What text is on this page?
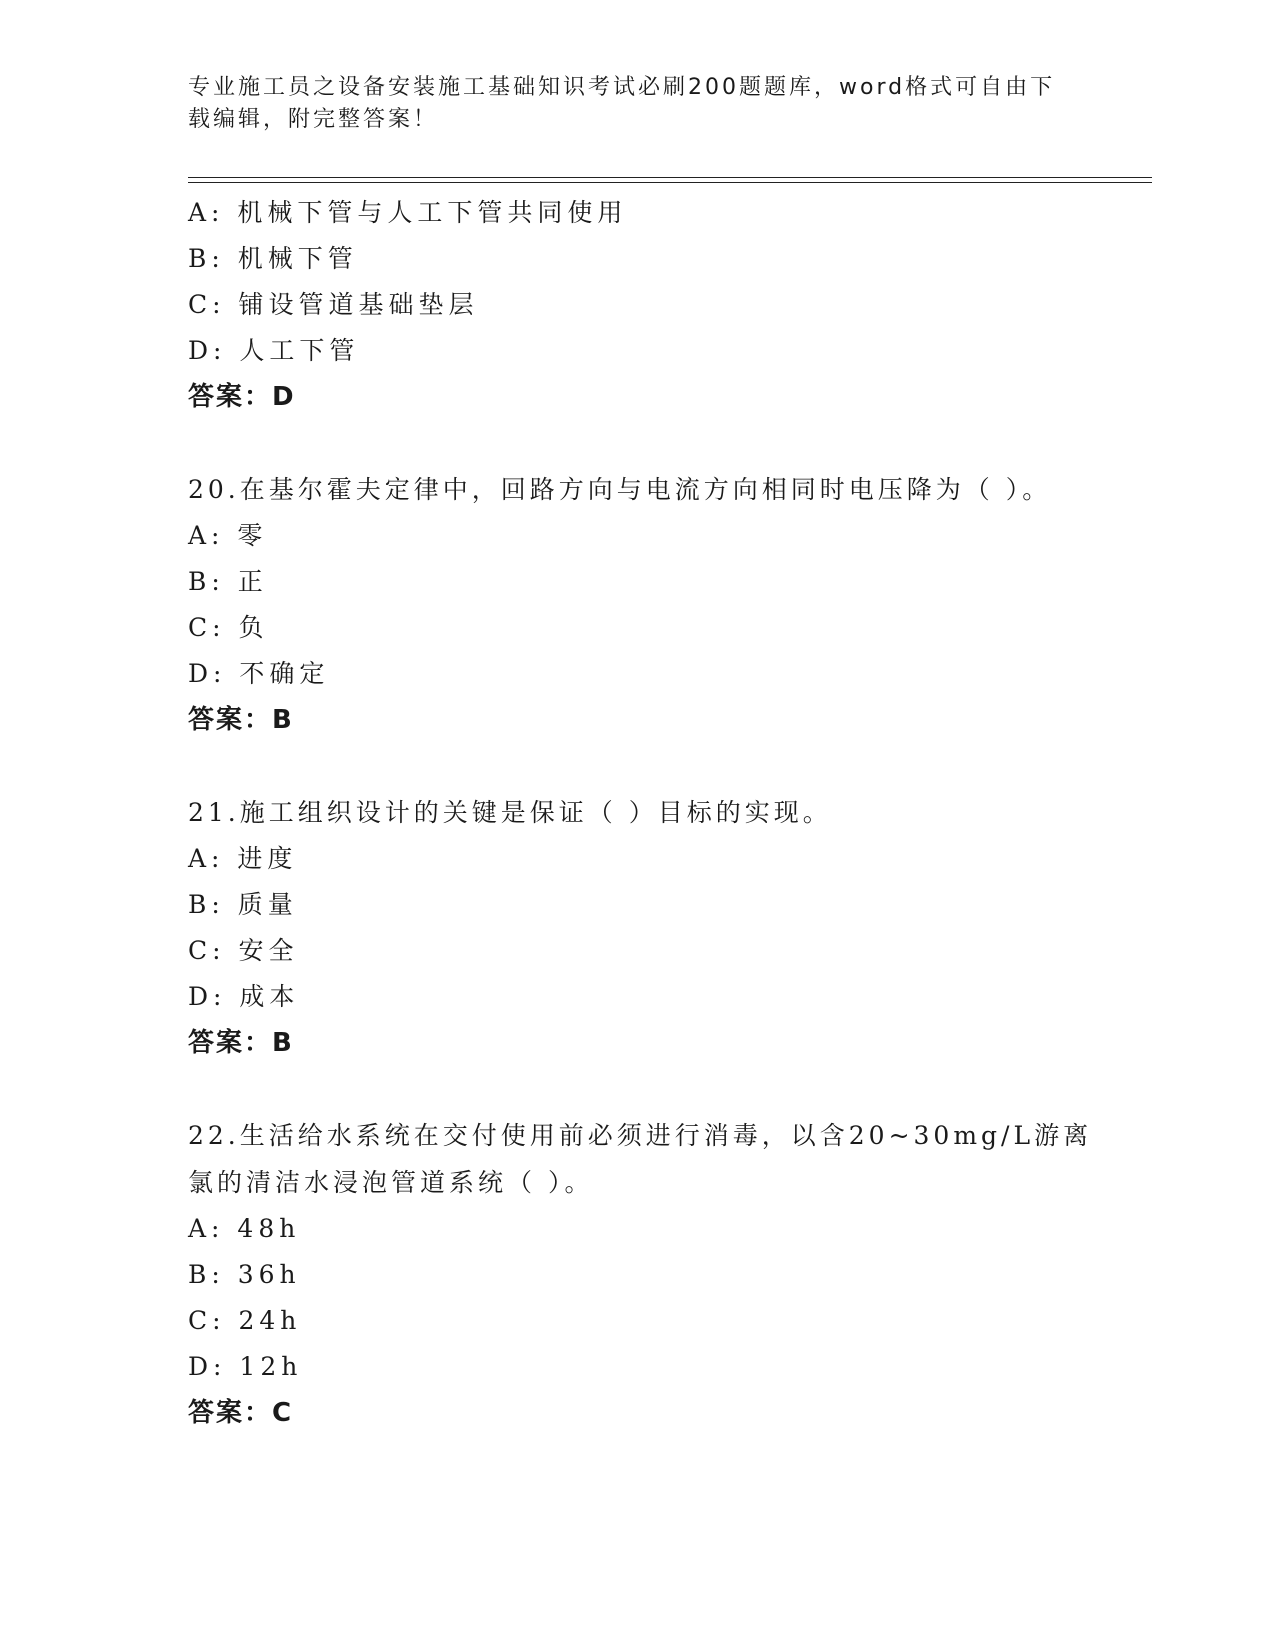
专业施工员之设备安装施工基础知识考试必刷200题题库，word格式可自由下载编辑，附完整答案！
A: 机械下管与人工下管共同使用
B: 机械下管
C: 铺设管道基础垫层
D: 人工下管
答案：D
20.在基尔霍夫定律中，回路方向与电流方向相同时电压降为（ ）。
A: 零
B: 正
C: 负
D: 不确定
答案：B
21.施工组织设计的关键是保证（ ）目标的实现。
A: 进度
B: 质量
C: 安全
D: 成本
答案：B
22.生活给水系统在交付使用前必须进行消毒，以含20~30mg/L游离氯的清洁水浸泡管道系统（ ）。
A: 48h
B: 36h
C: 24h
D: 12h
答案：C
